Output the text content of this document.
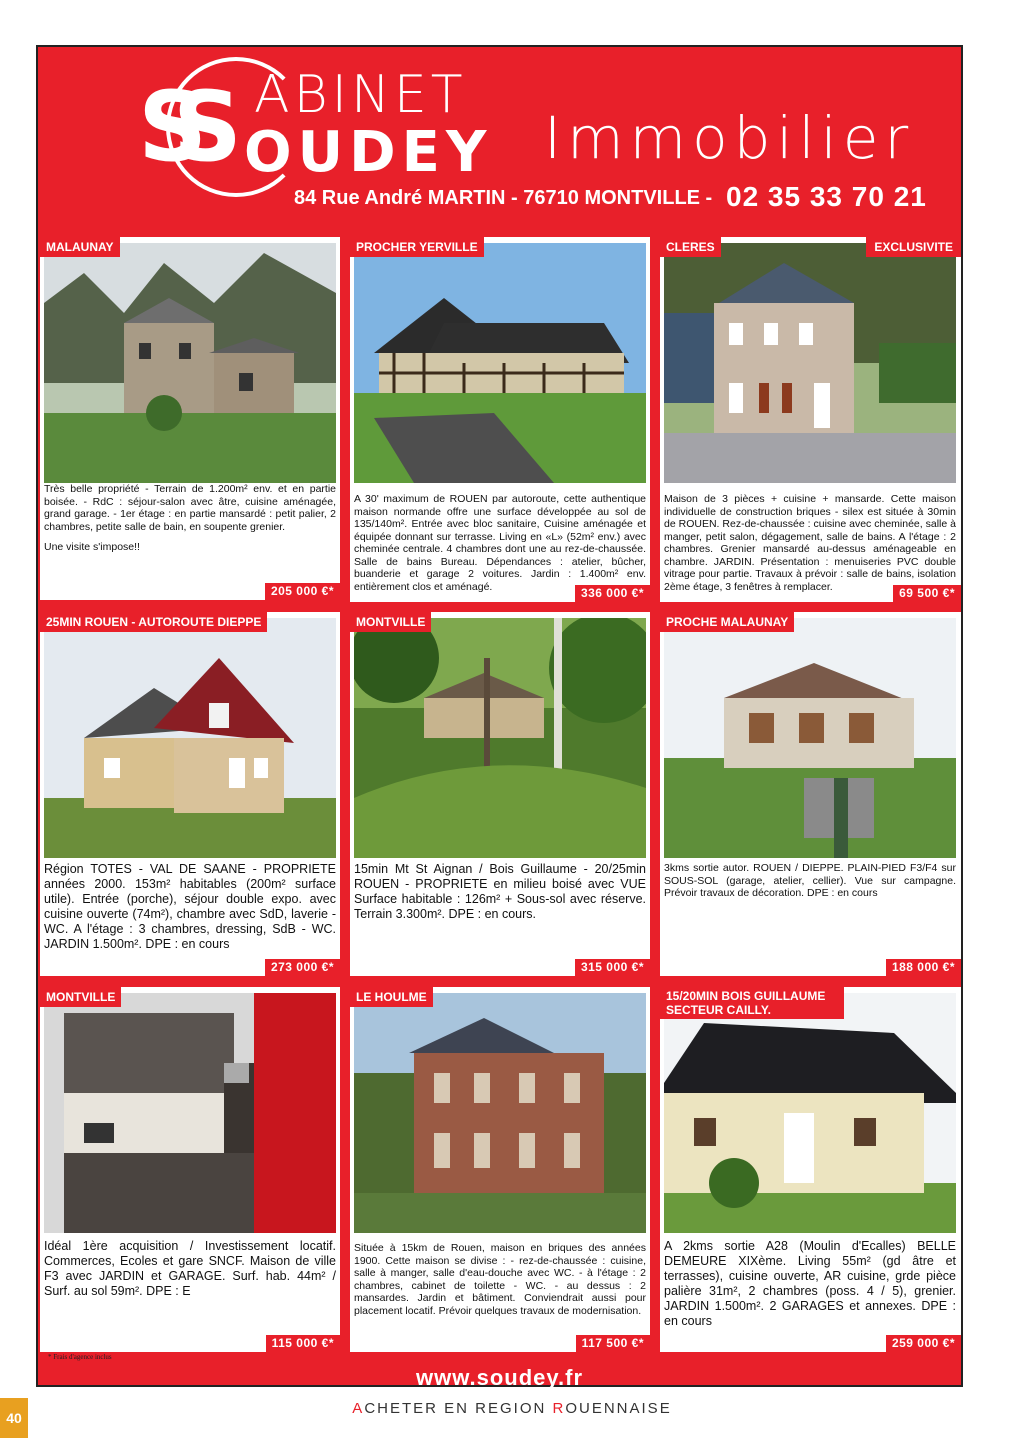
SS ABINET
OUDEY Immobilier
84 Rue André MARTIN - 76710 MONTVILLE - 02 35 33 70 21

Très belle propriété - Terrain de 1.200m² env. et en partie boisée. - RdC : séjour-salon avec âtre, cuisine aménagée, grand garage. - 1er étage : en partie mansardé : petit palier, 2 chambres, petite salle de bain, en soupente grenier.

Une visite s'impose!!

MALAUNAY
205 000 €*

A 30' maximum de ROUEN par autoroute, cette authentique maison normande offre une surface développée au sol de 135/140m². Entrée avec bloc sanitaire, Cuisine aménagée et équipée donnant sur terrasse. Living en «L» (52m² env.) avec cheminée centrale. 4 chambres dont une au rez-de-chaussée. Salle de bains Bureau. Dépendances : atelier, bûcher, buanderie et garage 2 voitures. Jardin : 1.400m² env. entièrement clos et aménagé.

PROCHER YERVILLE
336 000 €*

Maison de 3 pièces + cuisine + mansarde. Cette maison individuelle de construction briques - silex est située à 30min de ROUEN. Rez-de-chaussée : cuisine avec cheminée, salle à manger, petit salon, dégagement, salle de bains. A l'étage : 2 chambres. Grenier mansardé au-dessus aménageable en chambre. JARDIN. Présentation : menuiseries PVC double vitrage pour partie. Travaux à prévoir : salle de bains, isolation 2ème étage, 3 fenêtres à remplacer.

CLERES	EXCLUSIVITE
69 500 €*

Région TOTES - VAL DE SAANE - PROPRIETE années 2000. 153m² habitables (200m² surface utile). Entrée (porche), séjour double expo. avec cuisine ouverte (74m²), chambre avec SdD, laverie - WC. A l'étage : 3 chambres, dressing, SdB - WC. JARDIN 1.500m². DPE : en cours

25MIN ROUEN - AUTOROUTE DIEPPE
273 000 €*

15min Mt St Aignan / Bois Guillaume - 20/25min ROUEN - PROPRIETE en milieu boisé avec VUE Surface habitable : 126m² + Sous-sol avec réserve. Terrain 3.300m². DPE : en cours.

MONTVILLE
315 000 €*

3kms sortie autor. ROUEN / DIEPPE. PLAIN-PIED F3/F4 sur SOUS-SOL (garage, atelier, cellier). Vue sur campagne. Prévoir travaux de décoration. DPE : en cours

PROCHE MALAUNAY
188 000 €*

Idéal 1ère acquisition / Investissement locatif. Commerces, Ecoles et gare SNCF. Maison de ville F3 avec JARDIN et GARAGE. Surf. hab. 44m² / Surf. au sol 59m². DPE : E

MONTVILLE
115 000 €*

Située à 15km de Rouen, maison en briques des années 1900. Cette maison se divise : - rez-de-chaussée : cuisine, salle à manger, salle d'eau-douche avec WC. - à l'étage : 2 chambres, cabinet de toilette - WC. - au dessus : 2 mansardes. Jardin et bâtiment. Conviendrait aussi pour placement locatif. Prévoir quelques travaux de modernisation.

LE HOULME
117 500 €*

A 2kms sortie A28 (Moulin d'Ecalles) BELLE DEMEURE XIXème. Living 55m² (gd âtre et terrasses), cuisine ouverte, AR cuisine, grde pièce palière 31m², 2 chambres (poss. 4 / 5), grenier. JARDIN 1.500m². 2 GARAGES et annexes. DPE : en cours

15/20MIN BOIS GUILLAUME SECTEUR CAILLY.
259 000 €*
* Frais d'agence inclus
www.soudey.fr
40
ACHETER EN REGION ROUENNAISE
